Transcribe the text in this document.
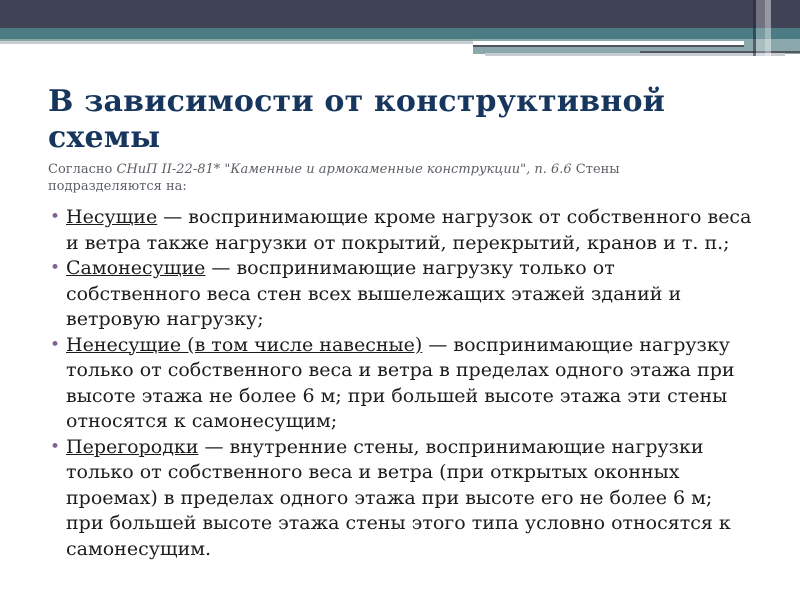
В зависимости от конструктивной схемы

Согласно СНиП II-22-81* "Каменные и армокаменные конструкции", п. 6.6 Стены подразделяются на:

• Несущие — воспринимающие кроме нагрузок от собственного веса и ветра также нагрузки от покрытий, перекрытий, кранов и т. п.;
• Самонесущие — воспринимающие нагрузку только от собственного веса стен всех вышележащих этажей зданий и ветровую нагрузку;
• Ненесущие (в том числе навесные) — воспринимающие нагрузку только от собственного веса и ветра в пределах одного этажа при высоте этажа не более 6 м; при большей высоте этажа эти стены относятся к самонесущим;
• Перегородки — внутренние стены, воспринимающие нагрузки только от собственного веса и ветра (при открытых оконных проемах) в пределах одного этажа при высоте его не более 6 м; при большей высоте этажа стены этого типа условно относятся к самонесущим.
